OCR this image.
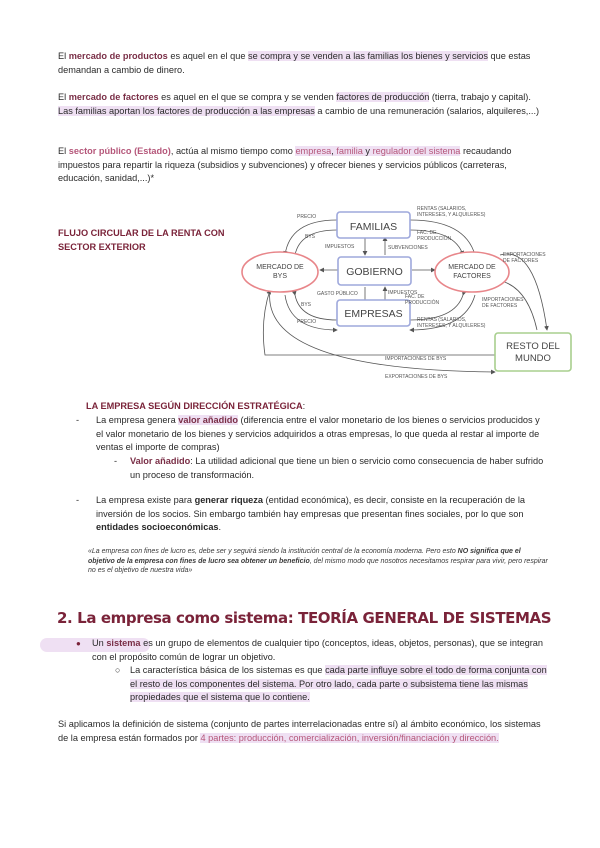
El mercado de productos es aquel en el que se compra y se venden a las familias los bienes y servicios que estas demandan a cambio de dinero.
El mercado de factores es aquel en el que se compra y se venden factores de producción (tierra, trabajo y capital). Las familias aportan los factores de producción a las empresas a cambio de una remuneración (salarios, alquileres,...)
El sector público (Estado), actúa al mismo tiempo como empresa, familia y regulador del sistema recaudando impuestos para repartir la riqueza (subsidios y subvenciones) y ofrecer bienes y servicios públicos (carreteras, educación, sanidad,...)*
FLUJO CIRCULAR DE LA RENTA CON
SECTOR EXTERIOR
FAMILIAS
GOBIERNO
EMPRESAS
MERCADO DE
BYS
MERCADO DE
FACTORES
RESTO DEL
MUNDO
PRECIO
BYS
IMPUESTOS	SUBVENCIONES
GASTO PÚBLICO	IMPUESTOS
RENTAS (SALARIOS,
INTERESES, Y ALQUILERES)
FAC. DE
PRODUCCIÓN
FAC. DE
PRODUCCIÓN
RENTAS (SALARIOS,
INTERESES, Y ALQUILERES)
BYS
PRECIO
EXPORTACIONES
DE FACTORES
IMPORTACIONES
DE FACTORES
IMPORTACIONES DE BYS
EXPORTACIONES DE BYS
LA EMPRESA SEGÚN DIRECCIÓN ESTRATÉGICA:
- La empresa genera valor añadido (diferencia entre el valor monetario de los bienes o servicios producidos y el valor monetario de los bienes y servicios adquiridos a otras empresas, lo que queda al restar al importe de ventas el importe de compras)
- Valor añadido: La utilidad adicional que tiene un bien o servicio como consecuencia de haber sufrido un proceso de transformación.
- La empresa existe para generar riqueza (entidad económica), es decir, consiste en la recuperación de la inversión de los socios. Sin embargo también hay empresas que presentan fines sociales, por lo que son entidades socioeconómicas.
«La empresa con fines de lucro es, debe ser y seguirá siendo la institución central de la economía moderna. Pero esto NO significa que el objetivo de la empresa con fines de lucro sea obtener un beneficio, del mismo modo que nosotros necesitamos respirar para vivir, pero respirar no es el objetivo de nuestra vida»
2. La empresa como sistema: TEORÍA GENERAL DE SISTEMAS
● Un sistema es un grupo de elementos de cualquier tipo (conceptos, ideas, objetos, personas), que se integran con el propósito común de lograr un objetivo.
○ La característica básica de los sistemas es que cada parte influye sobre el todo de forma conjunta con el resto de los componentes del sistema. Por otro lado, cada parte o subsistema tiene las mismas propiedades que el sistema que lo contiene.
Si aplicamos la definición de sistema (conjunto de partes interrelacionadas entre sí) al ámbito económico, los sistemas de la empresa están formados por 4 partes: producción, comercialización, inversión/financiación y dirección.
